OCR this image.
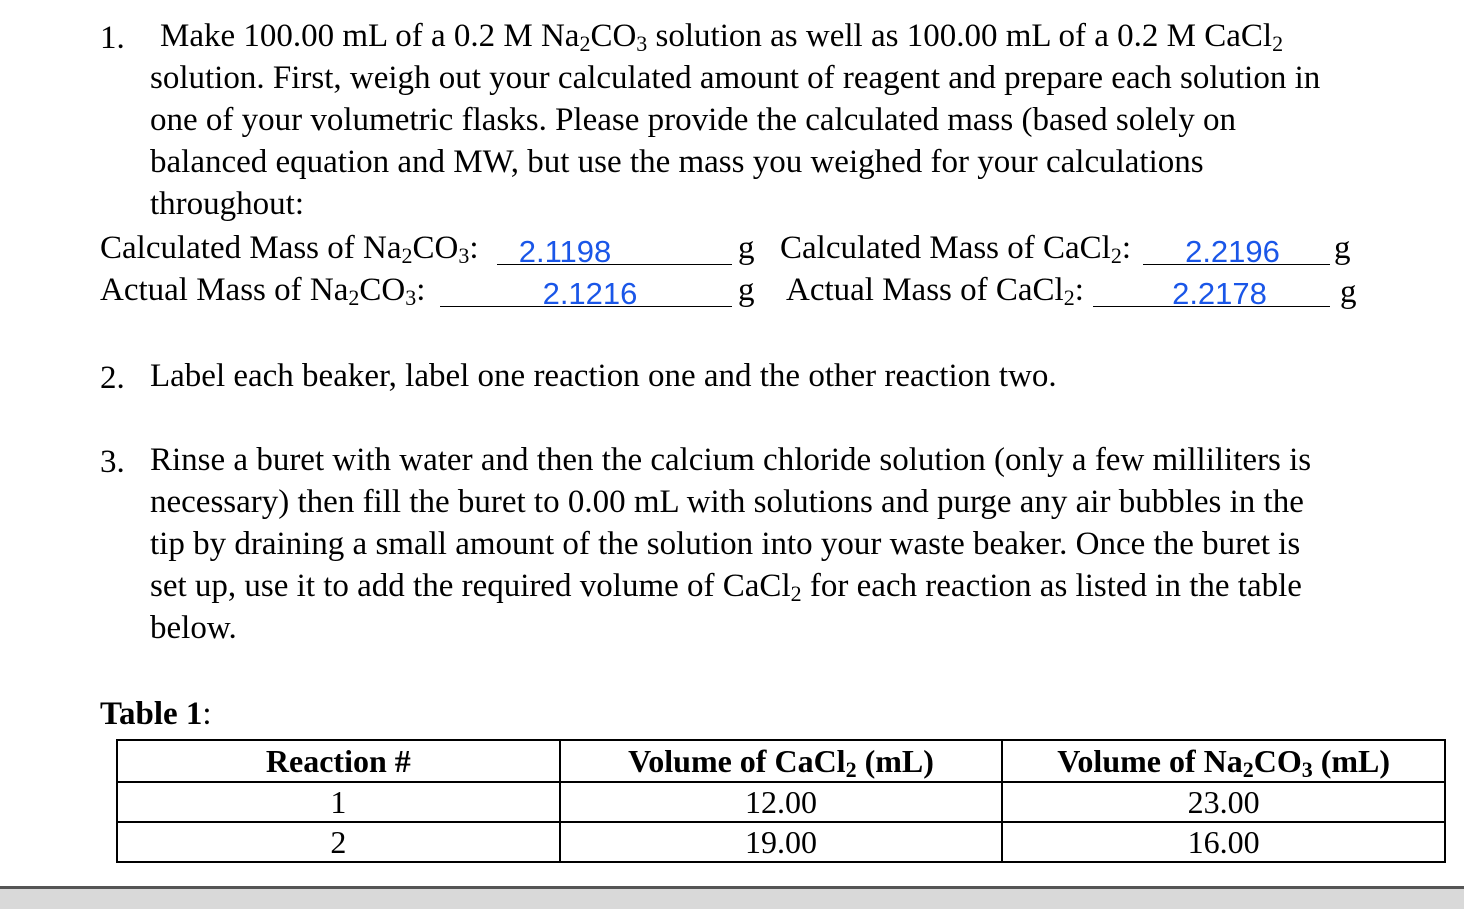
1. Make 100.00 mL of a 0.2 M $Na_2CO_3$ solution as well as 100.00 mL of a 0.2 M CaCl$_2$
solution. First, weigh out your calculated amount of reagent and prepare each solution in
one of your volumetric flasks. Please provide the calculated mass (based solely on
balanced equation and MW, but use the mass you weighed for your calculations
throughout:
Calculated Mass of $Na_2CO_3$:	2.1198	g Calculated Mass of CaCl$_2$:	2.2196	g
Actual Mass of $Na_2CO_3$:	2.1216	g Actual Mass of CaCl$_2$:	2.2178	g
2. Label each beaker, label one reaction one and the other reaction two.
3. Rinse a buret with water and then the calcium chloride solution (only a few milliliters is
necessary) then fill the buret to 0.00 mL with solutions and purge any air bubbles in the
tip by draining a small amount of the solution into your waste beaker. Once the buret is
set up, use it to add the required volume of CaCl$_2$ for each reaction as listed in the table
below.
Table 1:
Reaction #	Volume of CaCl$_2$ (mL)	Volume of $Na_2CO_3$ (mL)
1	12.00	23.00
2	19.00	16.00
